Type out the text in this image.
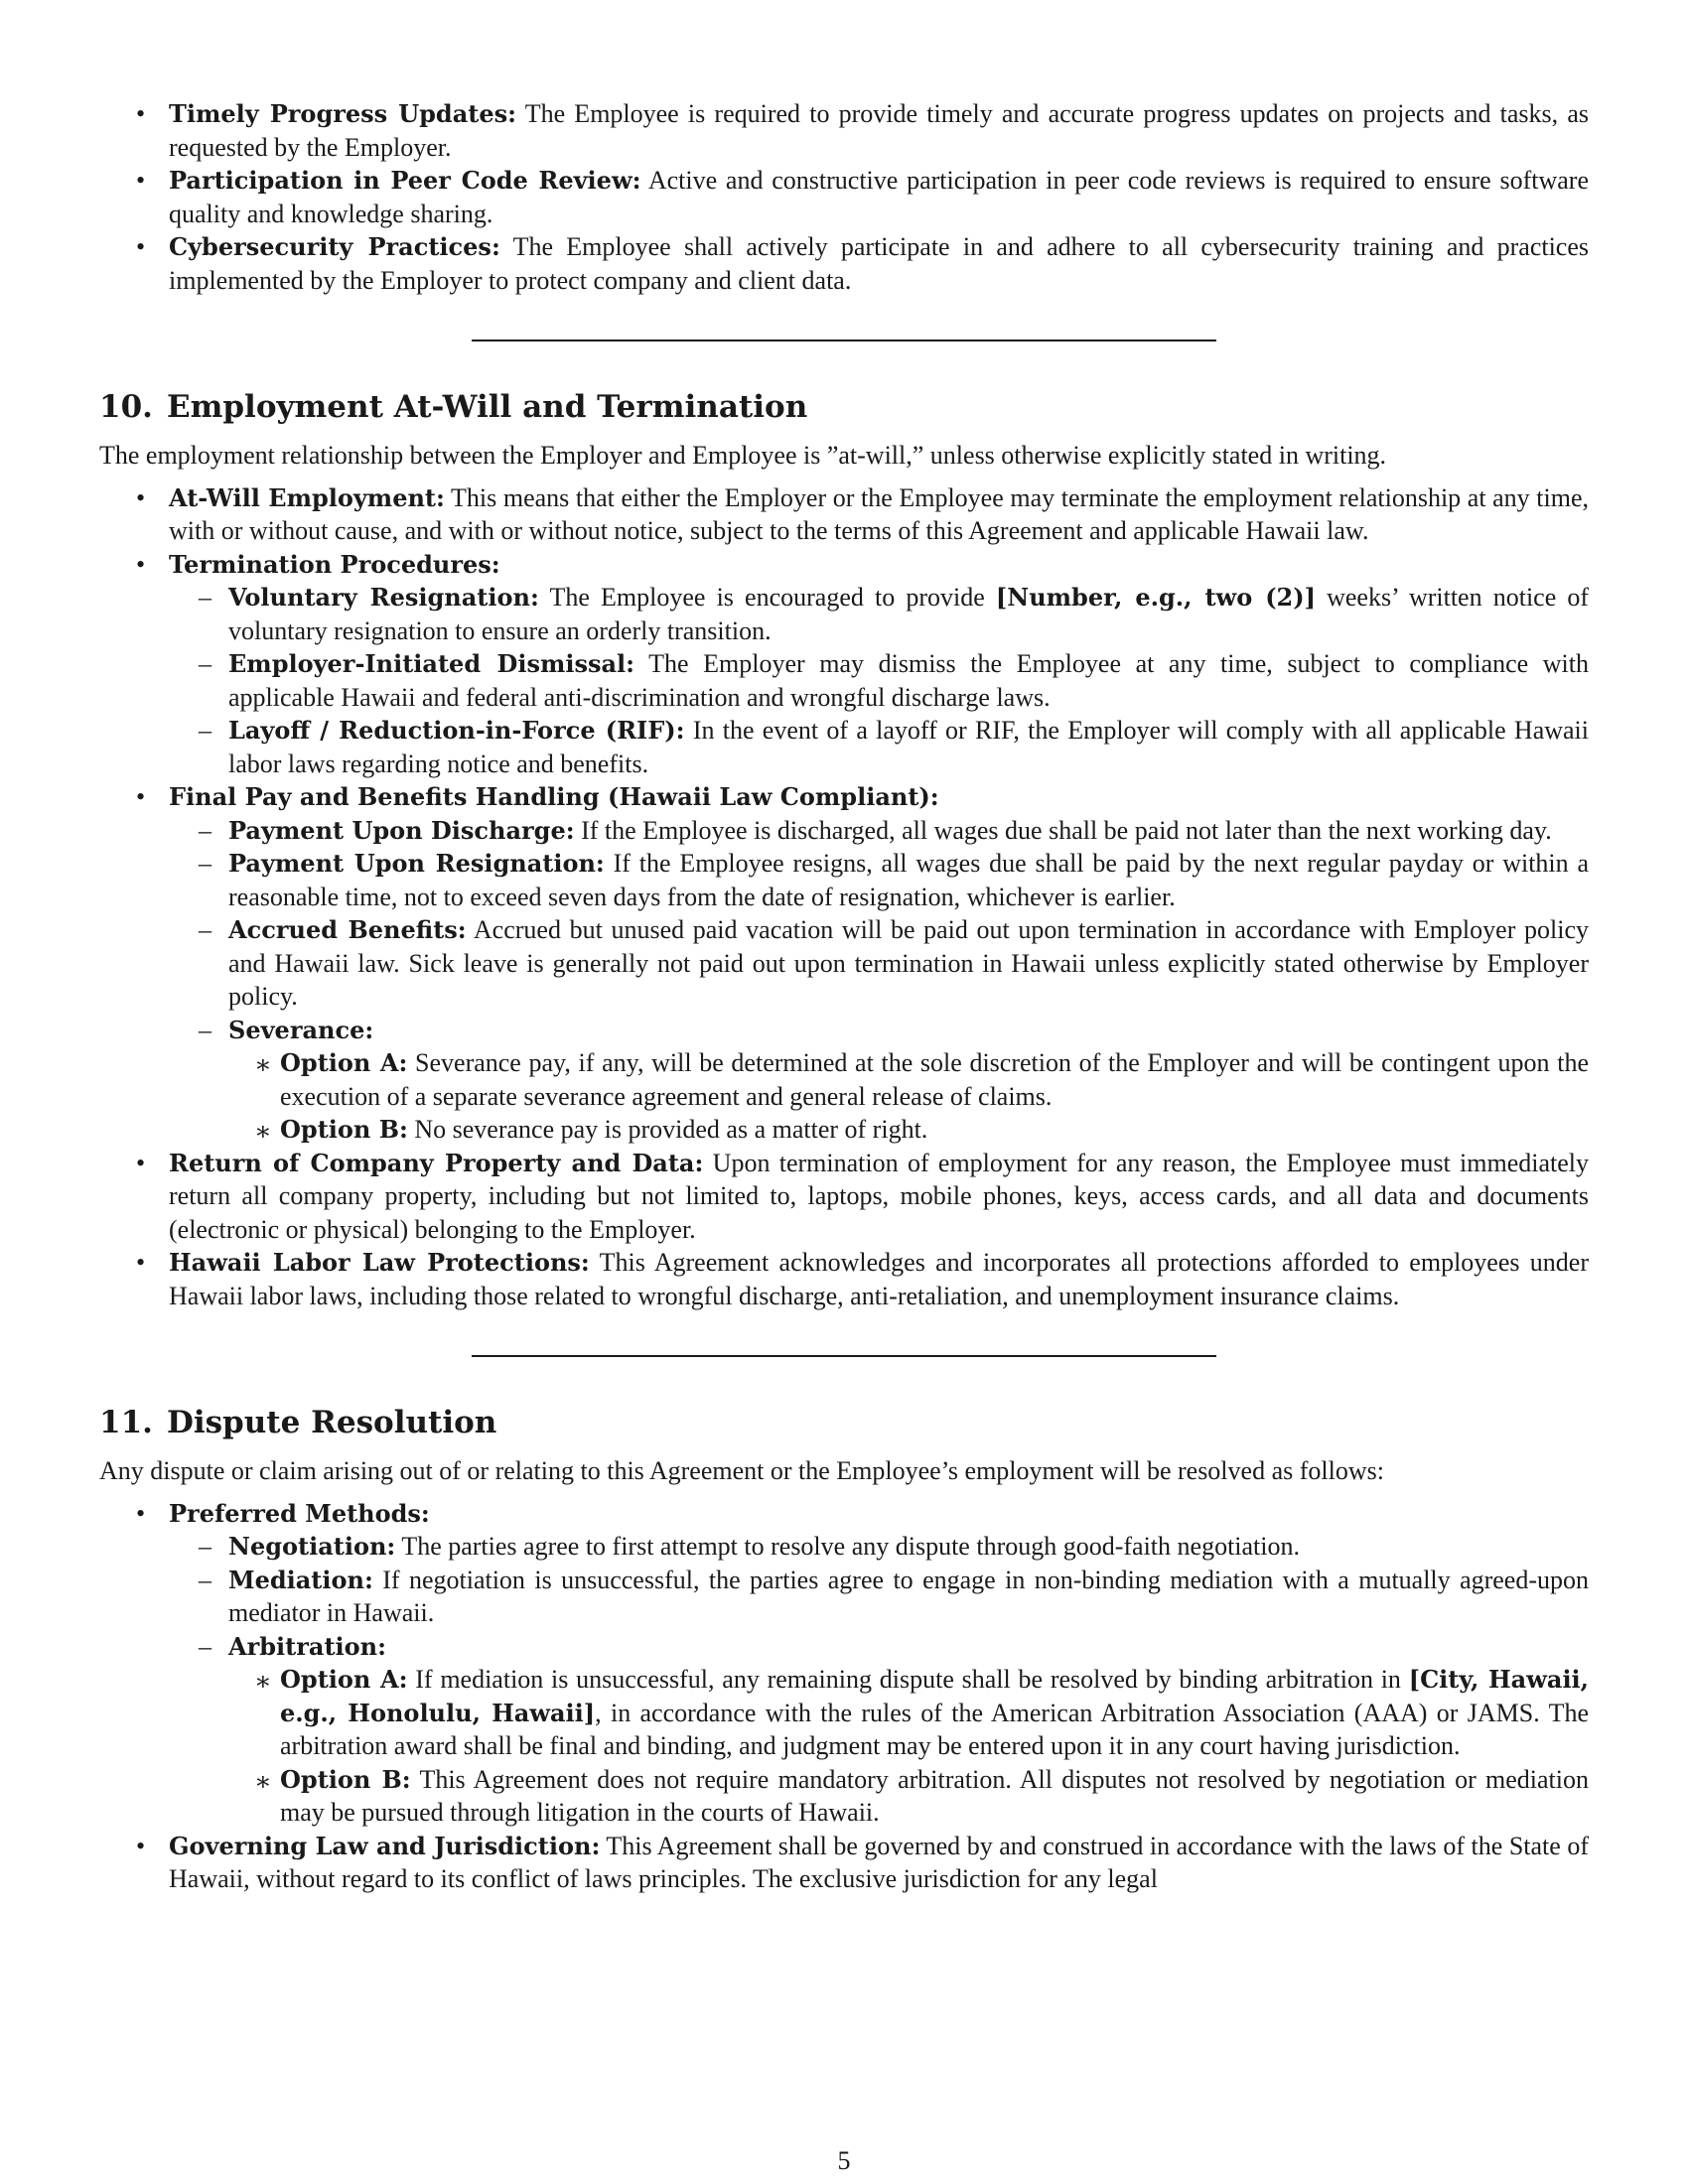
• Timely Progress Updates: The Employee is required to provide timely and accurate progress updates on projects and tasks, as requested by the Employer.
• Participation in Peer Code Review: Active and constructive participation in peer code reviews is required to ensure software quality and knowledge sharing.
• Cybersecurity Practices: The Employee shall actively participate in and adhere to all cybersecurity training and practices implemented by the Employer to protect company and client data.
10. Employment At-Will and Termination

The employment relationship between the Employer and Employee is ”at-will,” unless otherwise explicitly stated in writing.

• At-Will Employment: This means that either the Employer or the Employee may terminate the employment relationship at any time, with or without cause, and with or without notice, subject to the terms of this Agreement and applicable Hawaii law.
• Termination Procedures:
– Voluntary Resignation: The Employee is encouraged to provide [Number, e.g., two (2)] weeks’ written notice of voluntary resignation to ensure an orderly transition.
– Employer-Initiated Dismissal: The Employer may dismiss the Employee at any time, subject to compliance with applicable Hawaii and federal anti-discrimination and wrongful discharge laws.
– Layoff / Reduction-in-Force (RIF): In the event of a layoff or RIF, the Employer will comply with all applicable Hawaii labor laws regarding notice and benefits.
• Final Pay and Benefits Handling (Hawaii Law Compliant):
– Payment Upon Discharge: If the Employee is discharged, all wages due shall be paid not later than the next working day.
– Payment Upon Resignation: If the Employee resigns, all wages due shall be paid by the next regular payday or within a reasonable time, not to exceed seven days from the date of resignation, whichever is earlier.
– Accrued Benefits: Accrued but unused paid vacation will be paid out upon termination in accordance with Employer policy and Hawaii law. Sick leave is generally not paid out upon termination in Hawaii unless explicitly stated otherwise by Employer policy.
– Severance:
∗ Option A: Severance pay, if any, will be determined at the sole discretion of the Employer and will be contingent upon the execution of a separate severance agreement and general release of claims.
∗ Option B: No severance pay is provided as a matter of right.
• Return of Company Property and Data: Upon termination of employment for any reason, the Employee must immediately return all company property, including but not limited to, laptops, mobile phones, keys, access cards, and all data and documents (electronic or physical) belonging to the Employer.
• Hawaii Labor Law Protections: This Agreement acknowledges and incorporates all protections afforded to employees under Hawaii labor laws, including those related to wrongful discharge, anti-retaliation, and unemployment insurance claims.
11. Dispute Resolution

Any dispute or claim arising out of or relating to this Agreement or the Employee’s employment will be resolved as follows:

• Preferred Methods:
– Negotiation: The parties agree to first attempt to resolve any dispute through good-faith negotiation.
– Mediation: If negotiation is unsuccessful, the parties agree to engage in non-binding mediation with a mutually agreed-upon mediator in Hawaii.
– Arbitration:
∗ Option A: If mediation is unsuccessful, any remaining dispute shall be resolved by binding arbitration in [City, Hawaii, e.g., Honolulu, Hawaii], in accordance with the rules of the American Arbitration Association (AAA) or JAMS. The arbitration award shall be final and binding, and judgment may be entered upon it in any court having jurisdiction.
∗ Option B: This Agreement does not require mandatory arbitration. All disputes not resolved by negotiation or mediation may be pursued through litigation in the courts of Hawaii.
• Governing Law and Jurisdiction: This Agreement shall be governed by and construed in accordance with the laws of the State of Hawaii, without regard to its conflict of laws principles. The exclusive jurisdiction for any legal
5
